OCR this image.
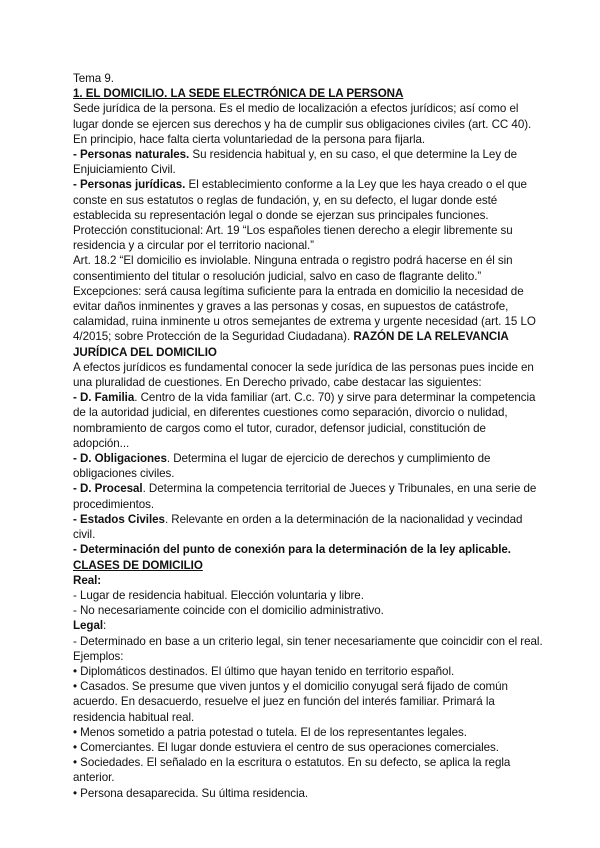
Tema 9.
1. EL DOMICILIO. LA SEDE ELECTRÓNICA DE LA PERSONA
Sede jurídica de la persona. Es el medio de localización a efectos jurídicos; así como el
lugar donde se ejercen sus derechos y ha de cumplir sus obligaciones civiles (art. CC 40).
En principio, hace falta cierta voluntariedad de la persona para fijarla.
- Personas naturales. Su residencia habitual y, en su caso, el que determine la Ley de
Enjuiciamiento Civil.
- Personas jurídicas. El establecimiento conforme a la Ley que les haya creado o el que
conste en sus estatutos o reglas de fundación, y, en su defecto, el lugar donde esté
establecida su representación legal o donde se ejerzan sus principales funciones.
Protección constitucional: Art. 19 “Los españoles tienen derecho a elegir libremente su
residencia y a circular por el territorio nacional.”
Art. 18.2 “El domicilio es inviolable. Ninguna entrada o registro podrá hacerse en él sin
consentimiento del titular o resolución judicial, salvo en caso de flagrante delito.”
Excepciones: será causa legítima suficiente para la entrada en domicilio la necesidad de
evitar daños inminentes y graves a las personas y cosas, en supuestos de catástrofe,
calamidad, ruina inminente u otros semejantes de extrema y urgente necesidad (art. 15 LO
4/2015; sobre Protección de la Seguridad Ciudadana). RAZÓN DE LA RELEVANCIA
JURÍDICA DEL DOMICILIO
A efectos jurídicos es fundamental conocer la sede jurídica de las personas pues incide en
una pluralidad de cuestiones. En Derecho privado, cabe destacar las siguientes:
- D. Familia. Centro de la vida familiar (art. C.c. 70) y sirve para determinar la competencia
de la autoridad judicial, en diferentes cuestiones como separación, divorcio o nulidad,
nombramiento de cargos como el tutor, curador, defensor judicial, constitución de
adopción...
- D. Obligaciones. Determina el lugar de ejercicio de derechos y cumplimiento de
obligaciones civiles.
- D. Procesal. Determina la competencia territorial de Jueces y Tribunales, en una serie de
procedimientos.
- Estados Civiles. Relevante en orden a la determinación de la nacionalidad y vecindad
civil.
- Determinación del punto de conexión para la determinación de la ley aplicable.
CLASES DE DOMICILIO
Real:
- Lugar de residencia habitual. Elección voluntaria y libre.
- No necesariamente coincide con el domicilio administrativo.
Legal:
- Determinado en base a un criterio legal, sin tener necesariamente que coincidir con el real.
Ejemplos:
• Diplomáticos destinados. El último que hayan tenido en territorio español.
• Casados. Se presume que viven juntos y el domicilio conyugal será fijado de común
acuerdo. En desacuerdo, resuelve el juez en función del interés familiar. Primará la
residencia habitual real.
• Menos sometido a patria potestad o tutela. El de los representantes legales.
• Comerciantes. El lugar donde estuviera el centro de sus operaciones comerciales.
• Sociedades. El señalado en la escritura o estatutos. En su defecto, se aplica la regla
anterior.
• Persona desaparecida. Su última residencia.
